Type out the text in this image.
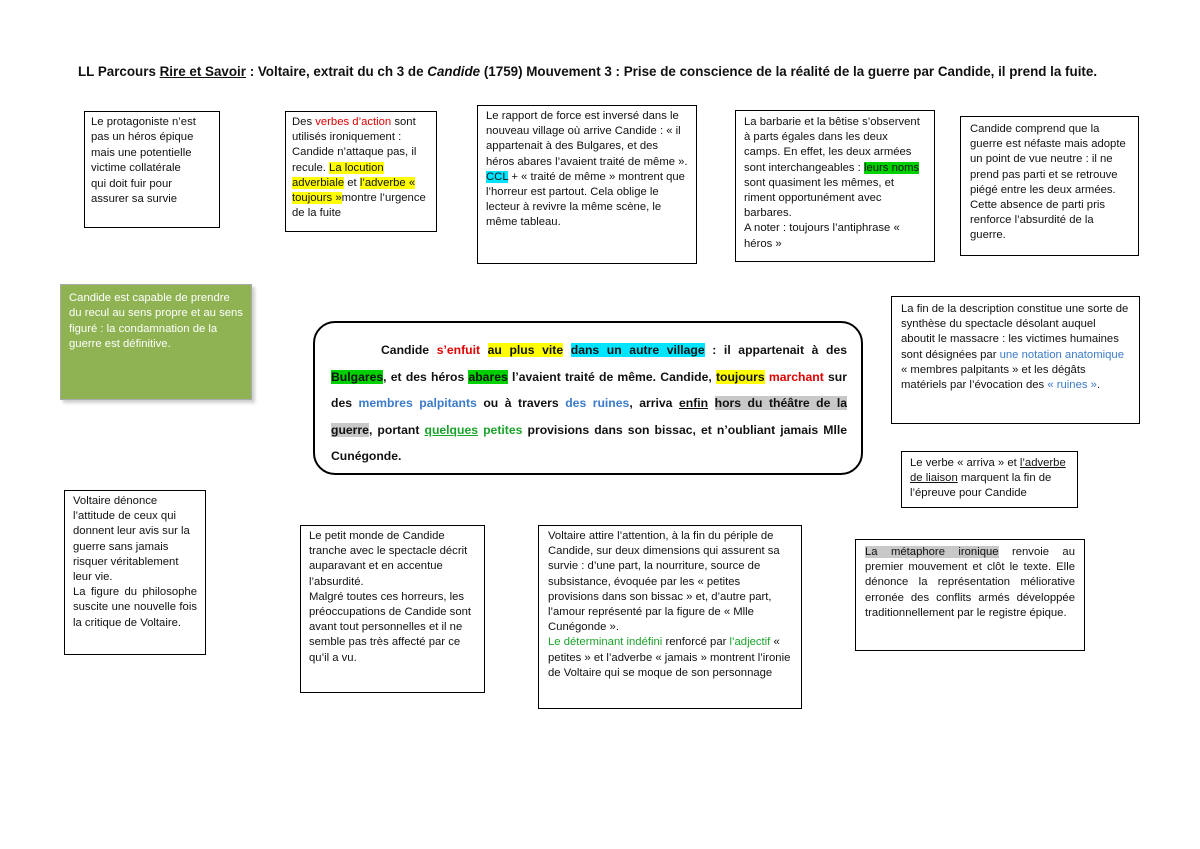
LL Parcours Rire et Savoir : Voltaire, extrait du ch 3 de Candide (1759) Mouvement 3 : Prise de conscience de la réalité de la guerre par Candide, il prend la fuite.
Le protagoniste n’est
pas un héros épique
mais une potentielle
victime collatérale
qui doit fuir pour
assurer sa survie
Des verbes d’action sont utilisés ironiquement : Candide n’attaque pas, il recule. La locution adverbiale et l’adverbe « toujours »montre l’urgence de la fuite
Le rapport de force est inversé dans le nouveau village où arrive Candide : « il appartenait à des Bulgares, et des héros abares l’avaient traité de même ».
CCL + « traité de même » montrent que l’horreur est partout. Cela oblige le lecteur à revivre la même scène, le même tableau.
La barbarie et la bêtise s’observent à parts égales dans les deux camps. En effet, les deux armées sont interchangeables : leurs noms sont quasiment les mêmes, et riment opportunément avec barbares.
A noter : toujours l’antiphrase « héros »
Candide comprend que la guerre est néfaste mais adopte un point de vue neutre : il ne prend pas parti et se retrouve piégé entre les deux armées. Cette absence de parti pris renforce l’absurdité de la guerre.
Candide est capable de prendre du recul au sens propre et au sens figuré : la condamnation de la guerre est définitive.
La fin de la description constitue une sorte de synthèse du spectacle désolant auquel aboutit le massacre : les victimes humaines sont désignées par une notation anatomique « membres palpitants » et les dégâts matériels par l’évocation des « ruines ».
Candide s’enfuit au plus vite dans un autre village : il appartenait à des Bulgares, et des héros abares l’avaient traité de même. Candide, toujours marchant sur des membres palpitants ou à travers des ruines, arriva enfin hors du théâtre de la guerre, portant quelques petites provisions dans son bissac, et n’oubliant jamais Mlle Cunégonde.	Le verbe « arriva » et l’adverbe de liaison marquent la fin de l’épreuve pour Candide
Voltaire dénonce l’attitude de ceux qui donnent leur avis sur la guerre sans jamais risquer véritablement leur vie.
La figure du philosophe suscite une nouvelle fois la critique de Voltaire.
Le petit monde de Candide tranche avec le spectacle décrit auparavant et en accentue l’absurdité.
Malgré toutes ces horreurs, les préoccupations de Candide sont avant tout personnelles et il ne semble pas très affecté par ce qu’il a vu.
Voltaire attire l’attention, à la fin du périple de Candide, sur deux dimensions qui assurent sa survie : d’une part, la nourriture, source de subsistance, évoquée par les « petites provisions dans son bissac » et, d’autre part, l’amour représenté par la figure de « Mlle Cunégonde ».
Le déterminant indéfini renforcé par l’adjectif « petites » et l’adverbe « jamais » montrent l’ironie de Voltaire qui se moque de son personnage
La métaphore ironique renvoie au premier mouvement et clôt le texte. Elle dénonce la représentation méliorative erronée des conflits armés développée traditionnellement par le registre épique.
